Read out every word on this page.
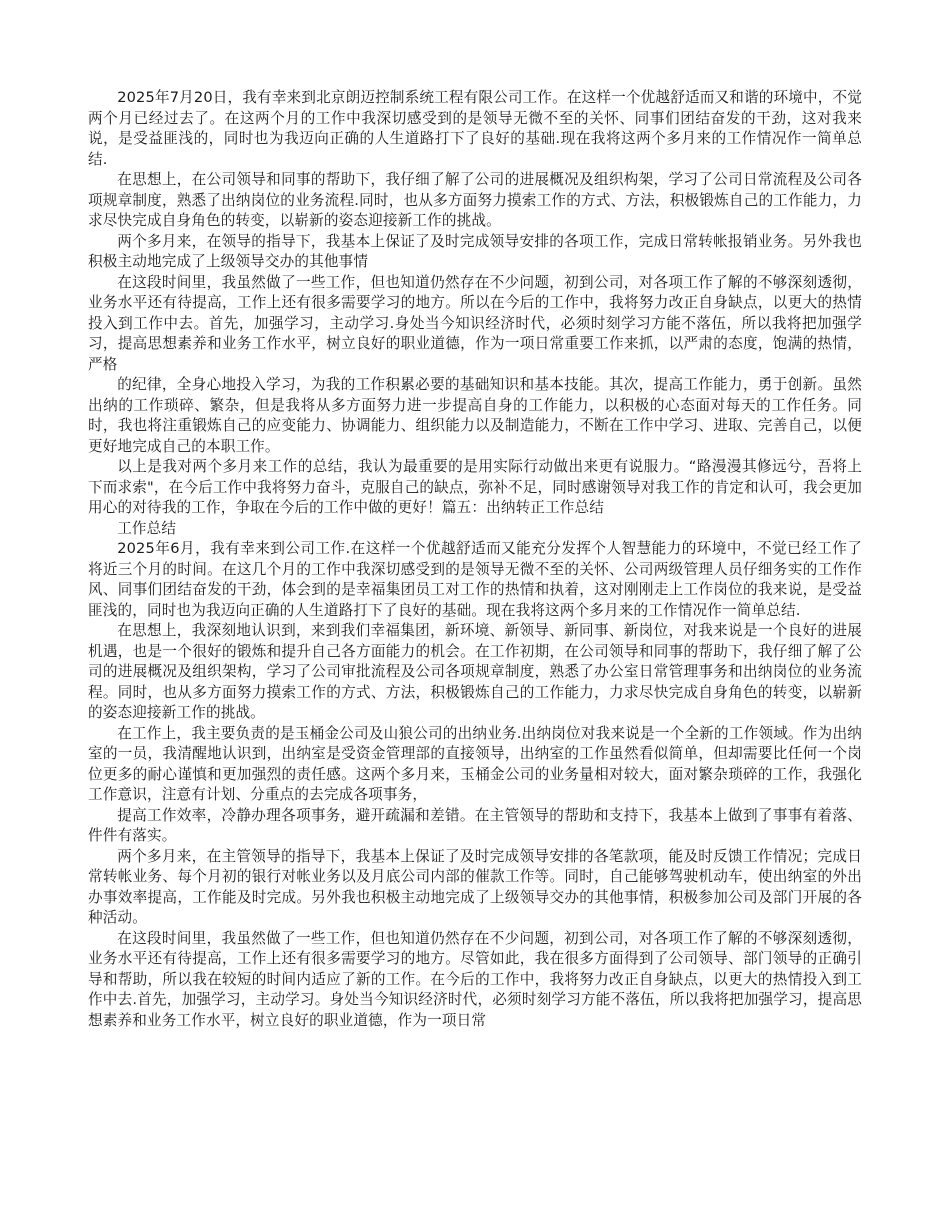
2025年7月20日，我有幸来到北京朗迈控制系统工程有限公司工作。在这样一个优越舒适而又和谐的环境中，不觉两个月已经过去了。在这两个月的工作中我深切感受到的是领导无微不至的关怀、同事们团结奋发的干劲，这对我来说，是受益匪浅的，同时也为我迈向正确的人生道路打下了良好的基础.现在我将这两个多月来的工作情况作一简单总结.

在思想上，在公司领导和同事的帮助下，我仔细了解了公司的进展概况及组织构架，学习了公司日常流程及公司各项规章制度，熟悉了出纳岗位的业务流程.同时，也从多方面努力摸索工作的方式、方法，积极锻炼自己的工作能力，力求尽快完成自身角色的转变，以崭新的姿态迎接新工作的挑战。

两个多月来，在领导的指导下，我基本上保证了及时完成领导安排的各项工作，完成日常转帐报销业务。另外我也积极主动地完成了上级领导交办的其他事情

在这段时间里，我虽然做了一些工作，但也知道仍然存在不少问题，初到公司，对各项工作了解的不够深刻透彻，业务水平还有待提高，工作上还有很多需要学习的地方。所以在今后的工作中，我将努力改正自身缺点，以更大的热情投入到工作中去。首先，加强学习，主动学习.身处当今知识经济时代，必须时刻学习方能不落伍，所以我将把加强学习，提高思想素养和业务工作水平，树立良好的职业道德，作为一项日常重要工作来抓，以严肃的态度，饱满的热情，严格

的纪律，全身心地投入学习，为我的工作积累必要的基础知识和基本技能。其次，提高工作能力，勇于创新。虽然出纳的工作琐碎、繁杂，但是我将从多方面努力进一步提高自身的工作能力，以积极的心态面对每天的工作任务。同时，我也将注重锻炼自己的应变能力、协调能力、组织能力以及制造能力，不断在工作中学习、进取、完善自己，以便更好地完成自己的本职工作。

以上是我对两个多月来工作的总结，我认为最重要的是用实际行动做出来更有说服力。“路漫漫其修远兮，吾将上下而求索"，在今后工作中我将努力奋斗，克服自己的缺点，弥补不足，同时感谢领导对我工作的肯定和认可，我会更加用心的对待我的工作，争取在今后的工作中做的更好！篇五：出纳转正工作总结

工作总结

2025年6月，我有幸来到公司工作.在这样一个优越舒适而又能充分发挥个人智慧能力的环境中，不觉已经工作了将近三个月的时间。在这几个月的工作中我深切感受到的是领导无微不至的关怀、公司两级管理人员仔细务实的工作作风、同事们团结奋发的干劲，体会到的是幸福集团员工对工作的热情和执着，这对刚刚走上工作岗位的我来说，是受益匪浅的，同时也为我迈向正确的人生道路打下了良好的基础。现在我将这两个多月来的工作情况作一简单总结.

在思想上，我深刻地认识到，来到我们幸福集团，新环境、新领导、新同事、新岗位，对我来说是一个良好的进展机遇，也是一个很好的锻炼和提升自己各方面能力的机会。在工作初期，在公司领导和同事的帮助下，我仔细了解了公司的进展概况及组织架构，学习了公司审批流程及公司各项规章制度，熟悉了办公室日常管理事务和出纳岗位的业务流程。同时，也从多方面努力摸索工作的方式、方法，积极锻炼自己的工作能力，力求尽快完成自身角色的转变，以崭新的姿态迎接新工作的挑战。

在工作上，我主要负责的是玉桶金公司及山狼公司的出纳业务.出纳岗位对我来说是一个全新的工作领域。作为出纳室的一员，我清醒地认识到，出纳室是受资金管理部的直接领导，出纳室的工作虽然看似简单，但却需要比任何一个岗位更多的耐心谨慎和更加强烈的责任感。这两个多月来，玉桶金公司的业务量相对较大，面对繁杂琐碎的工作，我强化工作意识，注意有计划、分重点的去完成各项事务，

提高工作效率，冷静办理各项事务，避开疏漏和差错。在主管领导的帮助和支持下，我基本上做到了事事有着落、件件有落实。

两个多月来，在主管领导的指导下，我基本上保证了及时完成领导安排的各笔款项，能及时反馈工作情况；完成日常转帐业务、每个月初的银行对帐业务以及月底公司内部的催款工作等。同时，自己能够驾驶机动车，使出纳室的外出办事效率提高，工作能及时完成。另外我也积极主动地完成了上级领导交办的其他事情，积极参加公司及部门开展的各种活动。

在这段时间里，我虽然做了一些工作，但也知道仍然存在不少问题，初到公司，对各项工作了解的不够深刻透彻，业务水平还有待提高，工作上还有很多需要学习的地方。尽管如此，我在很多方面得到了公司领导、部门领导的正确引导和帮助，所以我在较短的时间内适应了新的工作。在今后的工作中，我将努力改正自身缺点，以更大的热情投入到工作中去.首先，加强学习，主动学习。身处当今知识经济时代，必须时刻学习方能不落伍，所以我将把加强学习，提高思想素养和业务工作水平，树立良好的职业道德，作为一项日常
